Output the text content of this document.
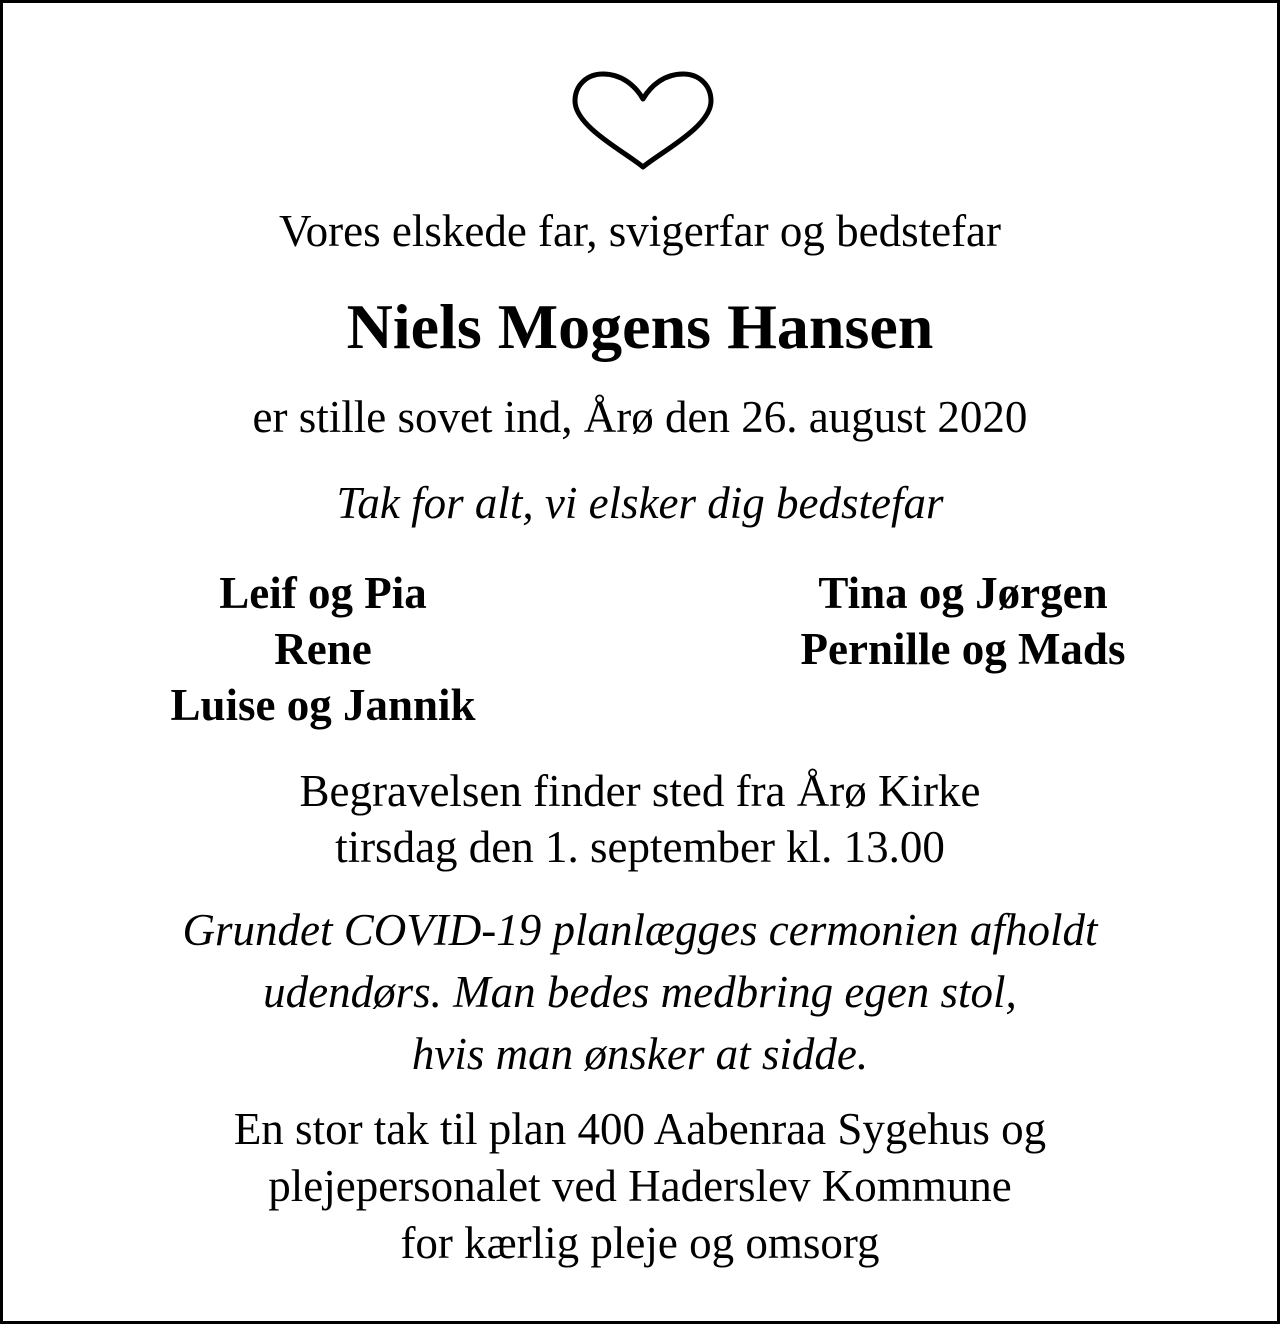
Vores elskede far, svigerfar og bedstefar
Niels Mogens Hansen
er stille sovet ind, Årø den 26. august 2020
Tak for alt, vi elsker dig bedstefar
Leif og Pia
Rene
Luise og Jannik
Tina og Jørgen
Pernille og Mads
Begravelsen finder sted fra Årø Kirke
tirsdag den 1. september kl. 13.00
Grundet COVID-19 planlægges cermonien afholdt
udendørs. Man bedes medbring egen stol,
hvis man ønsker at sidde.
En stor tak til plan 400 Aabenraa Sygehus og
plejepersonalet ved Haderslev Kommune
for kærlig pleje og omsorg
